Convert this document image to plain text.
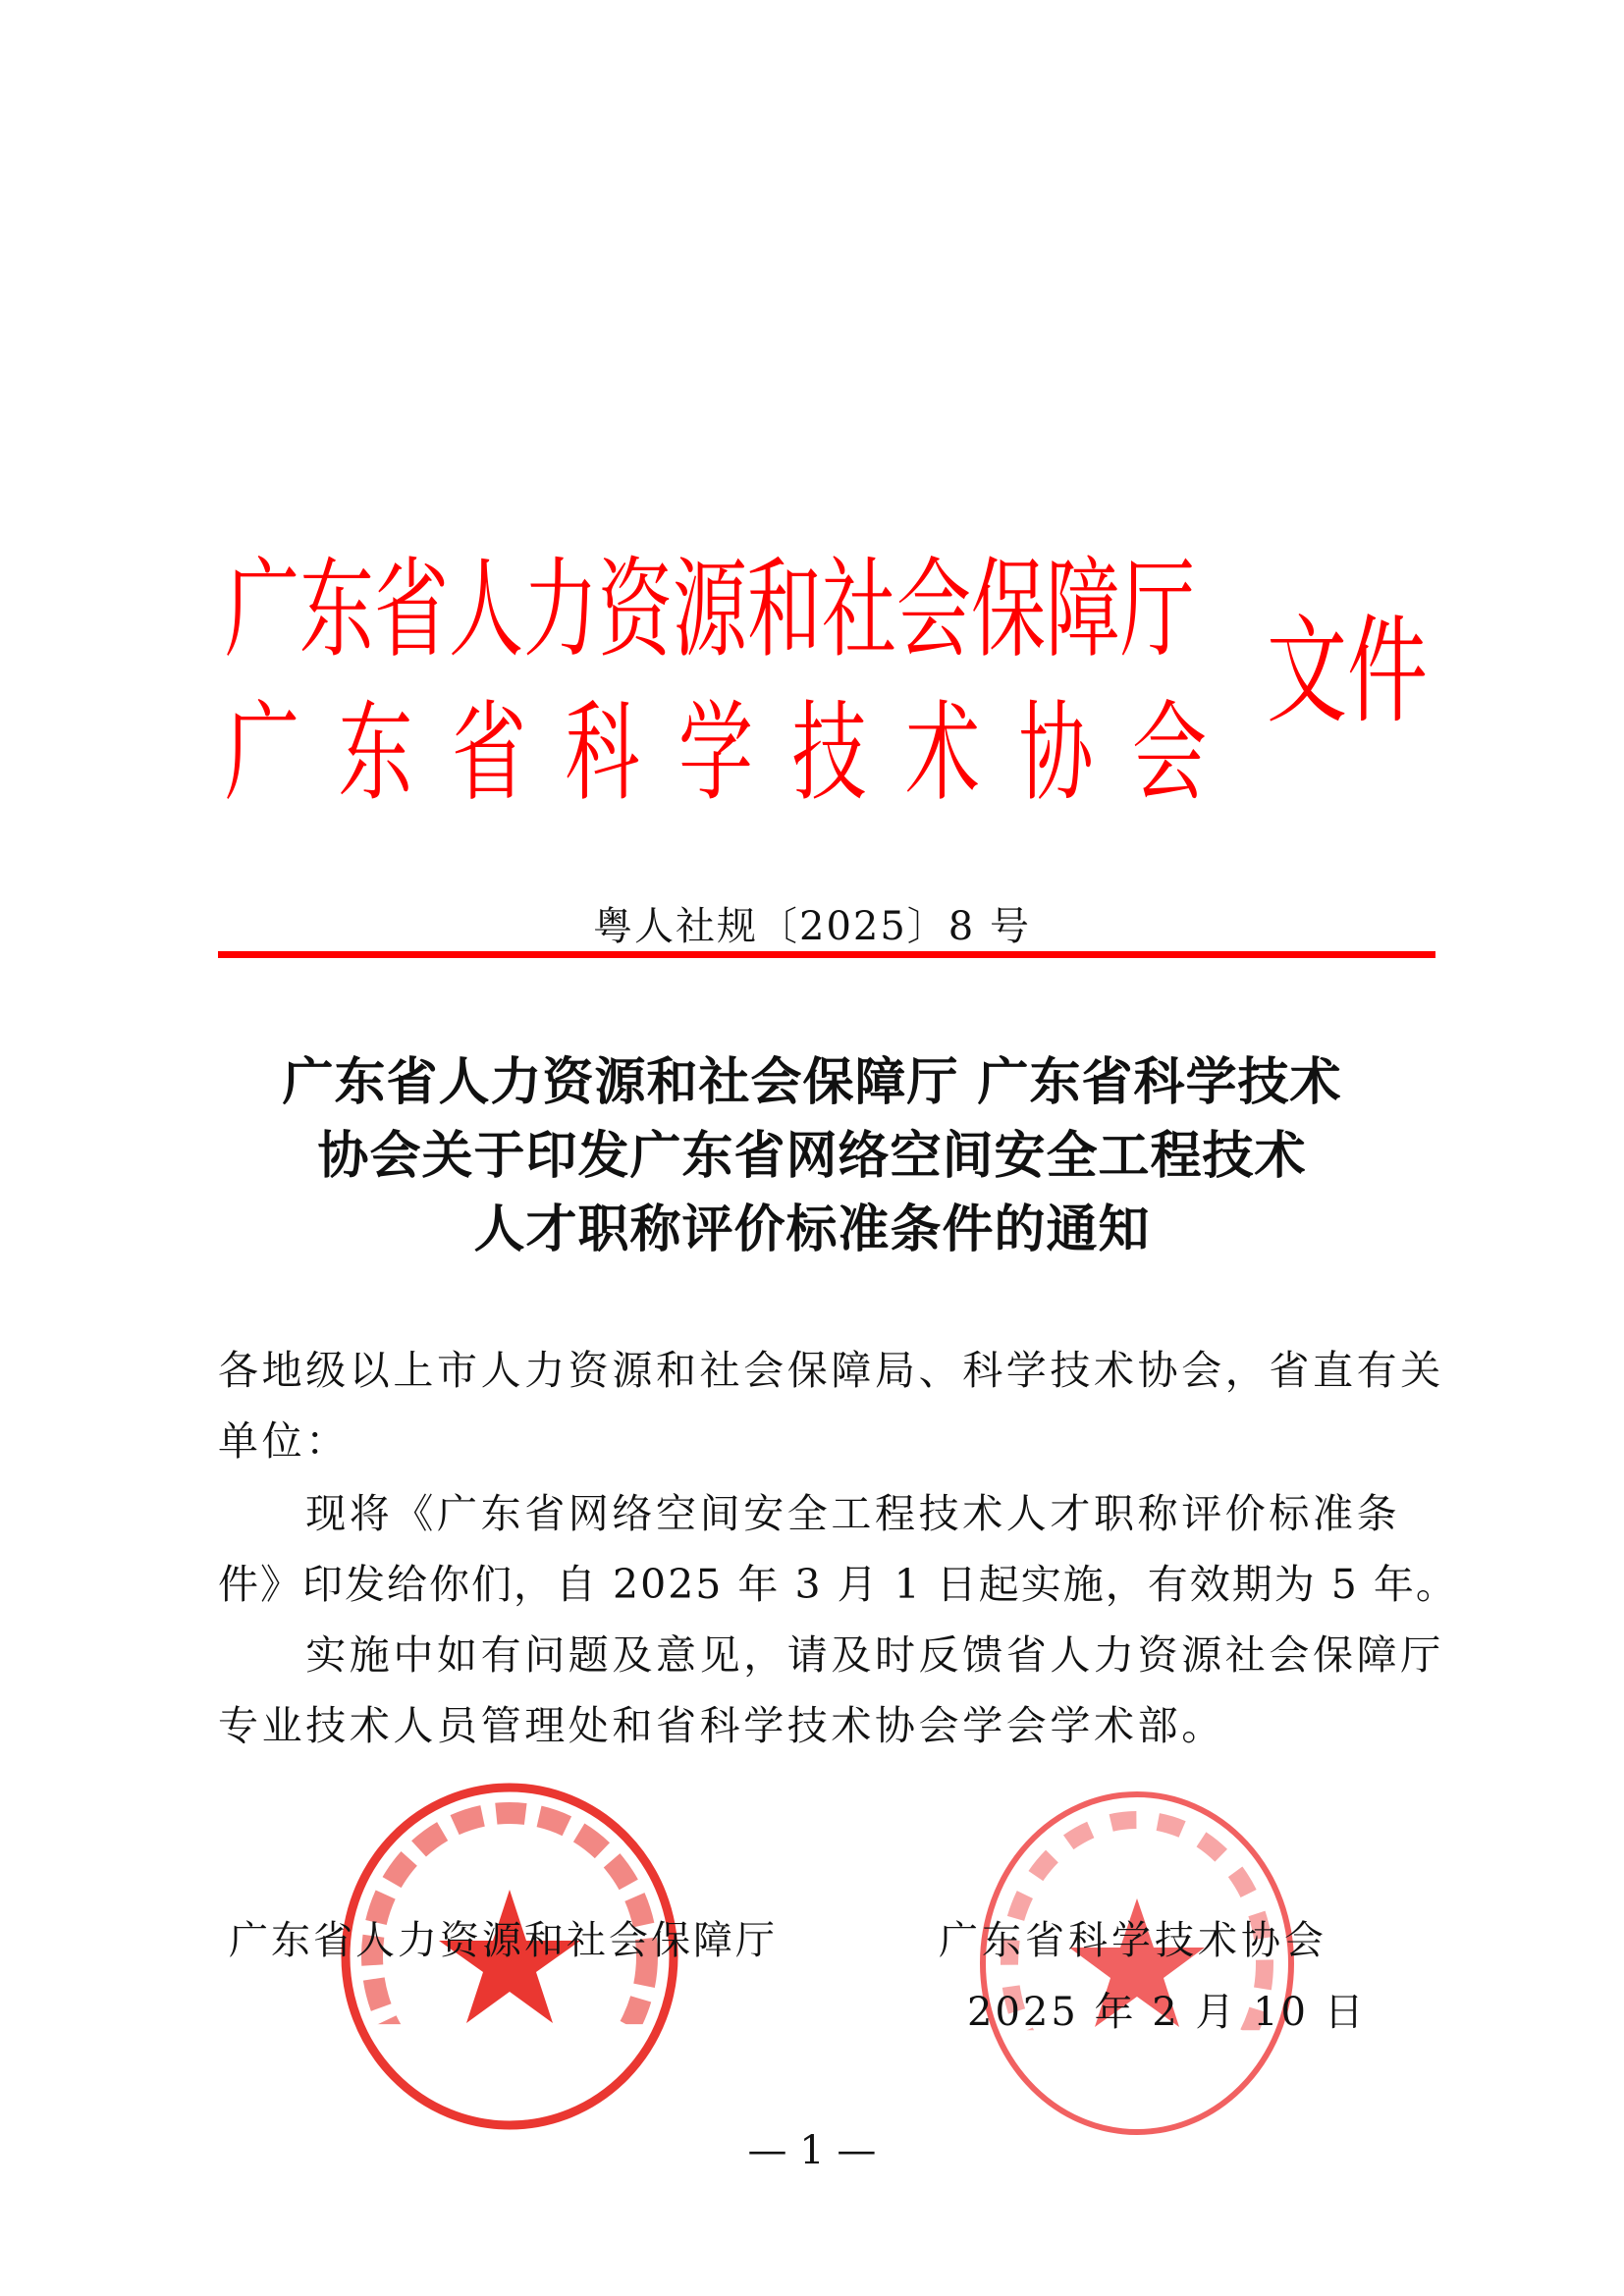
广东省人力资源和社会保障厅
广 东 省 科 学 技 术 协 会
文件
粤人社规〔2025〕8 号
广东省人力资源和社会保障厅 广东省科学技术
协会关于印发广东省网络空间安全工程技术
人才职称评价标准条件的通知
各地级以上市人力资源和社会保障局、科学技术协会，省直有关
单位：
　　现将《广东省网络空间安全工程技术人才职称评价标准条
件》印发给你们，自 2025 年 3 月 1 日起实施，有效期为 5 年。
　　实施中如有问题及意见，请及时反馈省人力资源社会保障厅
专业技术人员管理处和省科学技术协会学会学术部。
广东省人力资源和社会保障厅	广东省科学技术协会
2025 年 2 月 10 日
— 1 —
